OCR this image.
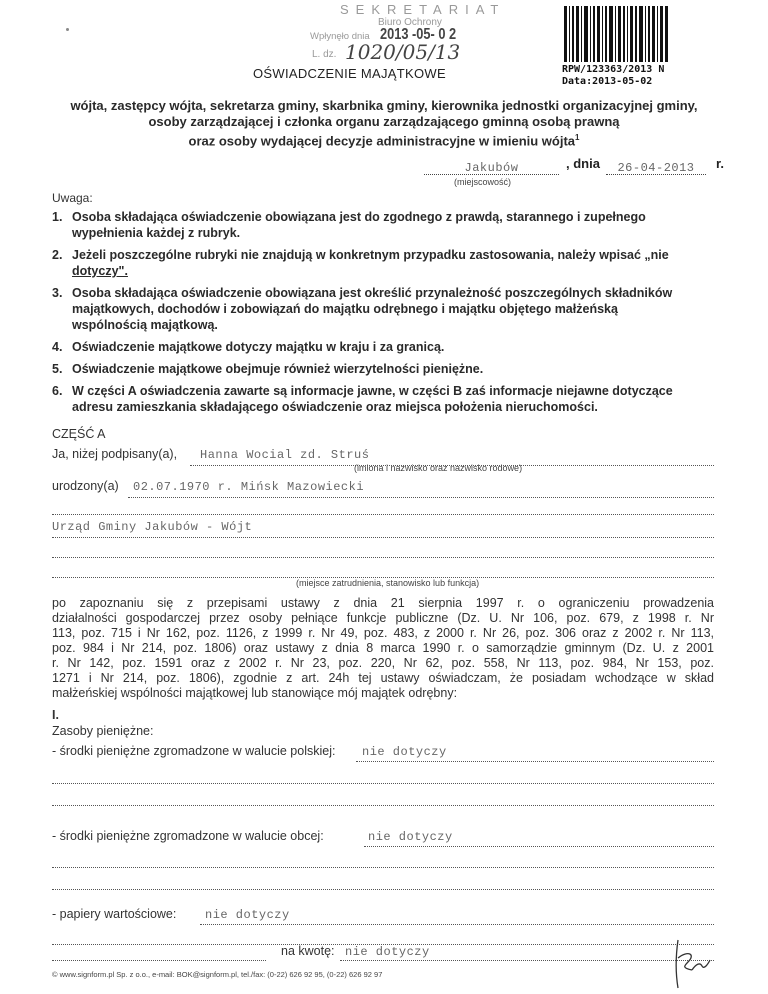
SEKRETARIAT
Biuro Ochrony
Wpłynęło dnia 2013 -05- 0 2
L. dz. 1020/05/13
OŚWIADCZENIE MAJĄTKOWE	RPW/123363/2013 N
Data:2013-05-02
wójta, zastępcy wójta, sekretarza gminy, skarbnika gminy, kierownika jednostki organizacyjnej gminy,
osoby zarządzającej i członka organu zarządzającego gminną osobą prawną
oraz osoby wydającej decyzje administracyjne w imieniu wójta$^1$
Jakubów	, dnia	26-04-2013	r.
(miejscowość)
Uwaga:
1. Osoba składająca oświadczenie obowiązana jest do zgodnego z prawdą, starannego i zupełnego
wypełnienia każdej z rubryk.
2. Jeżeli poszczególne rubryki nie znajdują w konkretnym przypadku zastosowania, należy wpisać „nie
dotyczy".
3. Osoba składająca oświadczenie obowiązana jest określić przynależność poszczególnych składników
majątkowych, dochodów i zobowiązań do majątku odrębnego i majątku objętego małżeńską
wspólnością majątkową.
4. Oświadczenie majątkowe dotyczy majątku w kraju i za granicą.
5. Oświadczenie majątkowe obejmuje również wierzytelności pieniężne.
6. W części A oświadczenia zawarte są informacje jawne, w części B zaś informacje niejawne dotyczące
adresu zamieszkania składającego oświadczenie oraz miejsca położenia nieruchomości.
CZĘŚĆ A
Ja, niżej podpisany(a), Hanna Wocial zd. Struś
(imiona i nazwisko oraz nazwisko rodowe)
urodzony(a) 02.07.1970 r. Mińsk Mazowiecki
Urząd Gminy Jakubów - Wójt
(miejsce zatrudnienia, stanowisko lub funkcja)
po zapoznaniu się z przepisami ustawy z dnia 21 sierpnia 1997 r. o ograniczeniu prowadzenia
działalności gospodarczej przez osoby pełniące funkcje publiczne (Dz. U. Nr 106, poz. 679, z 1998 r. Nr
113, poz. 715 i Nr 162, poz. 1126, z 1999 r. Nr 49, poz. 483, z 2000 r. Nr 26, poz. 306 oraz z 2002 r. Nr 113,
poz. 984 i Nr 214, poz. 1806) oraz ustawy z dnia 8 marca 1990 r. o samorządzie gminnym (Dz. U. z 2001
r. Nr 142, poz. 1591 oraz z 2002 r. Nr 23, poz. 220, Nr 62, poz. 558, Nr 113, poz. 984, Nr 153, poz.
1271 i Nr 214, poz. 1806), zgodnie z art. 24h tej ustawy oświadczam, że posiadam wchodzące w skład
małżeńskiej wspólności majątkowej lub stanowiące mój majątek odrębny:
I.
Zasoby pieniężne:
- środki pieniężne zgromadzone w walucie polskiej: nie dotyczy
- środki pieniężne zgromadzone w walucie obcej:	nie dotyczy
- papiery wartościowe: nie dotyczy
na kwotę: nie dotyczy
© www.signform.pl Sp. z o.o., e-mail: BOK@signform.pl, tel./fax: (0-22) 626 92 95, (0-22) 626 92 97
